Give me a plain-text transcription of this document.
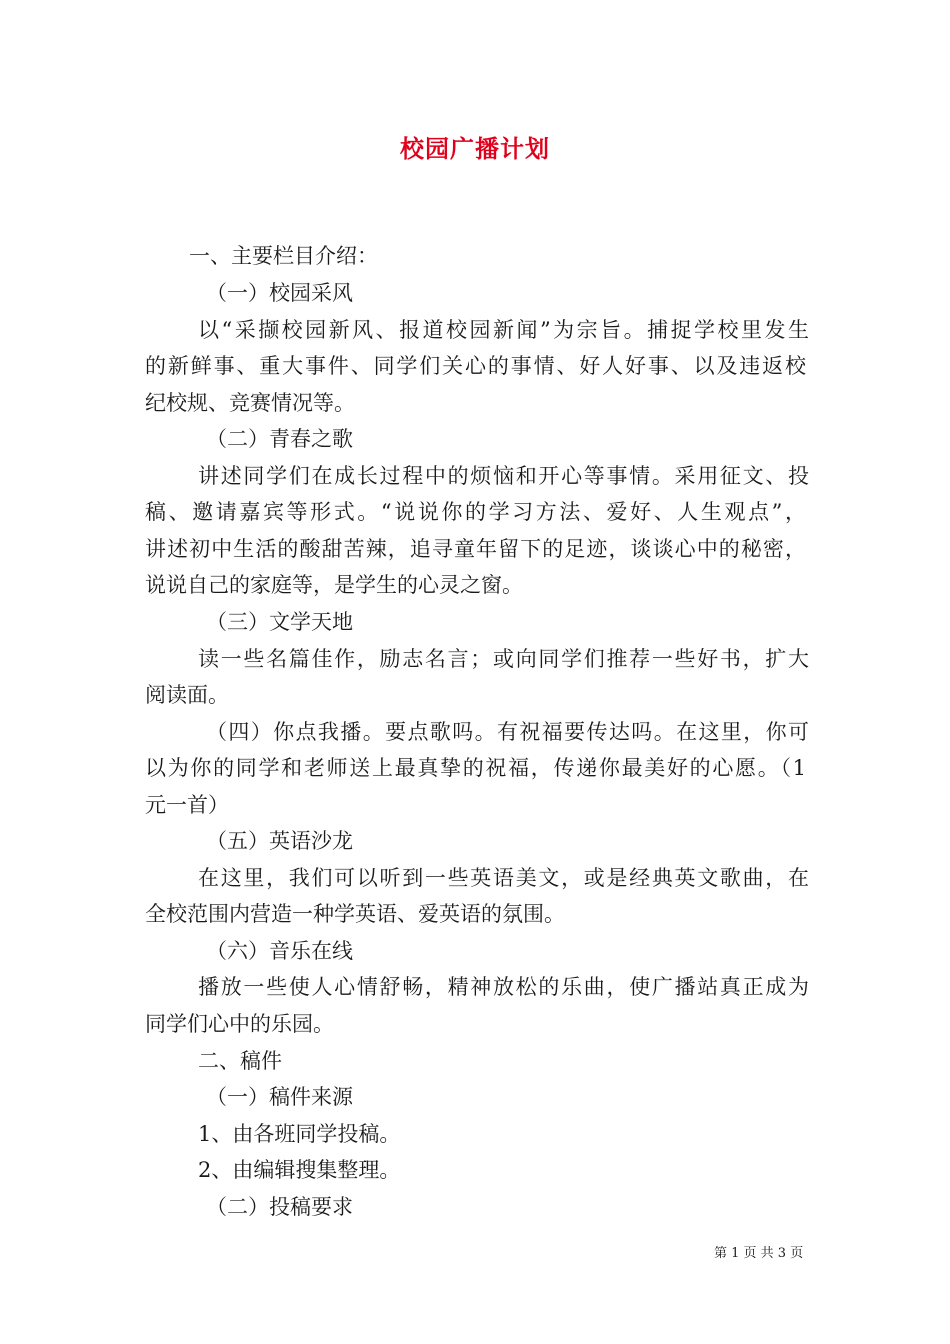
校园广播计划
一、主要栏目介绍：
（一）校园采风
以“采撷校园新风、报道校园新闻”为宗旨。捕捉学校里发生
的新鲜事、重大事件、同学们关心的事情、好人好事、以及违返校
纪校规、竞赛情况等。
（二）青春之歌
讲述同学们在成长过程中的烦恼和开心等事情。采用征文、投
稿、邀请嘉宾等形式。“说说你的学习方法、爱好、人生观点”，
讲述初中生活的酸甜苦辣，追寻童年留下的足迹，谈谈心中的秘密，
说说自己的家庭等，是学生的心灵之窗。
（三）文学天地
读一些名篇佳作，励志名言；或向同学们推荐一些好书，扩大
阅读面。
（四）你点我播。要点歌吗。有祝福要传达吗。在这里，你可
以为你的同学和老师送上最真挚的祝福，传递你最美好的心愿。（1
元一首）
（五）英语沙龙
在这里，我们可以听到一些英语美文，或是经典英文歌曲，在
全校范围内营造一种学英语、爱英语的氛围。
（六）音乐在线
播放一些使人心情舒畅，精神放松的乐曲，使广播站真正成为
同学们心中的乐园。
二、稿件
（一）稿件来源
1、由各班同学投稿。
2、由编辑搜集整理。
（二）投稿要求
第 1 页 共 3 页
